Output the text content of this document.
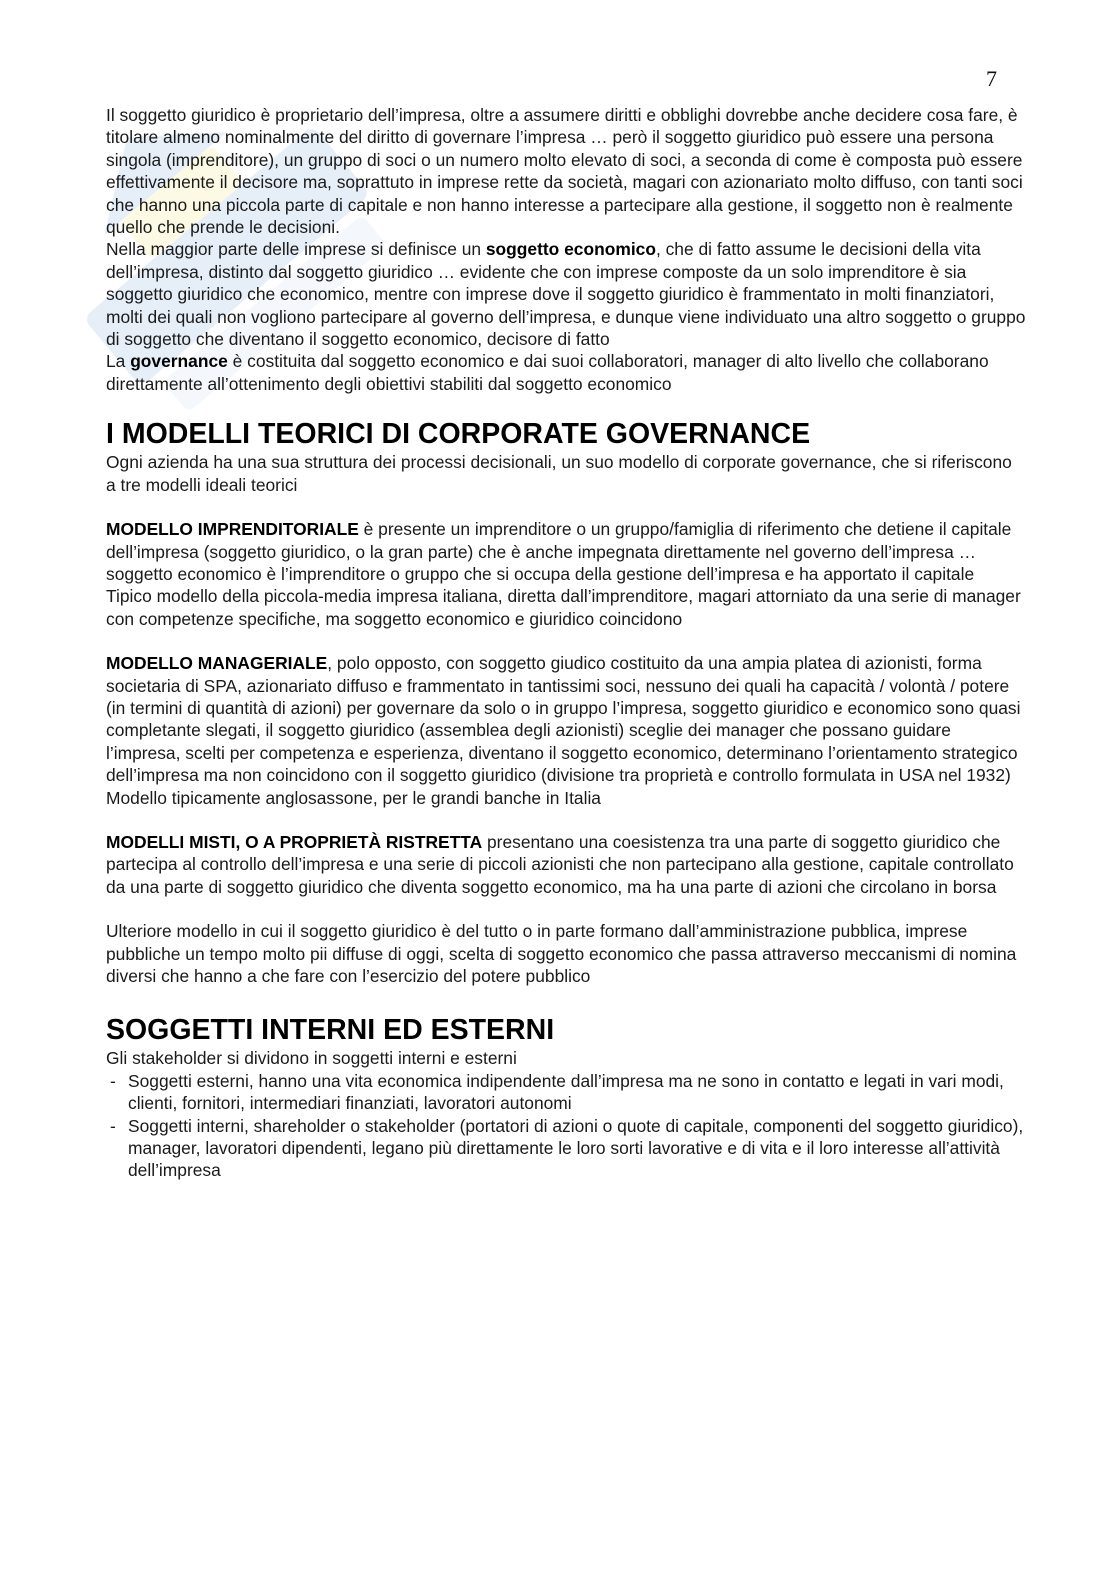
7

Il soggetto giuridico è proprietario dell’impresa, oltre a assumere diritti e obblighi dovrebbe anche decidere cosa fare, è titolare almeno nominalmente del diritto di governare l’impresa … però il soggetto giuridico può essere una persona singola (imprenditore), un gruppo di soci o un numero molto elevato di soci, a seconda di come è composta può essere effettivamente il decisore ma, soprattuto in imprese rette da società, magari con azionariato molto diffuso, con tanti soci che hanno una piccola parte di capitale e non hanno interesse a partecipare alla gestione, il soggetto non è realmente quello che prende le decisioni.

Nella maggior parte delle imprese si definisce un soggetto economico, che di fatto assume le decisioni della vita dell’impresa, distinto dal soggetto giuridico … evidente che con imprese composte da un solo imprenditore è sia soggetto giuridico che economico, mentre con imprese dove il soggetto giuridico è frammentato in molti finanziatori, molti dei quali non vogliono partecipare al governo dell’impresa, e dunque viene individuato una altro soggetto o gruppo di soggetto che diventano il soggetto economico, decisore di fatto

La governance è costituita dal soggetto economico e dai suoi collaboratori, manager di alto livello che collaborano direttamente all’ottenimento degli obiettivi stabiliti dal soggetto economico

I MODELLI TEORICI DI CORPORATE GOVERNANCE

Ogni azienda ha una sua struttura dei processi decisionali, un suo modello di corporate governance, che si riferiscono a tre modelli ideali teorici

MODELLO IMPRENDITORIALE è presente un imprenditore o un gruppo/famiglia di riferimento che detiene il capitale dell’impresa (soggetto giuridico, o la gran parte) che è anche impegnata direttamente nel governo dell’impresa … soggetto economico è l’imprenditore o gruppo che si occupa della gestione dell’impresa e ha apportato il capitale

Tipico modello della piccola-media impresa italiana, diretta dall’imprenditore, magari attorniato da una serie di manager con competenze specifiche, ma soggetto economico e giuridico coincidono

MODELLO MANAGERIALE, polo opposto, con soggetto giudico costituito da una ampia platea di azionisti, forma societaria di SPA, azionariato diffuso e frammentato in tantissimi soci, nessuno dei quali ha capacità / volontà / potere (in termini di quantità di azioni) per governare da solo o in gruppo l’impresa, soggetto giuridico e economico sono quasi completante slegati, il soggetto giuridico (assemblea degli azionisti) sceglie dei manager che possano guidare l’impresa, scelti per competenza e esperienza, diventano il soggetto economico, determinano l’orientamento strategico dell’impresa ma non coincidono con il soggetto giuridico (divisione tra proprietà e controllo formulata in USA nel 1932)

Modello tipicamente anglosassone, per le grandi banche in Italia

MODELLI MISTI, O A PROPRIETÀ RISTRETTA presentano una coesistenza tra una parte di soggetto giuridico che partecipa al controllo dell’impresa e una serie di piccoli azionisti che non partecipano alla gestione, capitale controllato da una parte di soggetto giuridico che diventa soggetto economico, ma ha una parte di azioni che circolano in borsa

Ulteriore modello in cui il soggetto giuridico è del tutto o in parte formano dall’amministrazione pubblica, imprese pubbliche un tempo molto pii diffuse di oggi, scelta di soggetto economico che passa attraverso meccanismi di nomina diversi che hanno a che fare con l’esercizio del potere pubblico

SOGGETTI INTERNI ED ESTERNI

Gli stakeholder si dividono in soggetti interni e esterni

- Soggetti esterni, hanno una vita economica indipendente dall’impresa ma ne sono in contatto e legati in vari modi, clienti, fornitori, intermediari finanziati, lavoratori autonomi
- Soggetti interni, shareholder o stakeholder (portatori di azioni o quote di capitale, componenti del soggetto giuridico), manager, lavoratori dipendenti, legano più direttamente le loro sorti lavorative e di vita e il loro interesse all’attività dell’impresa
